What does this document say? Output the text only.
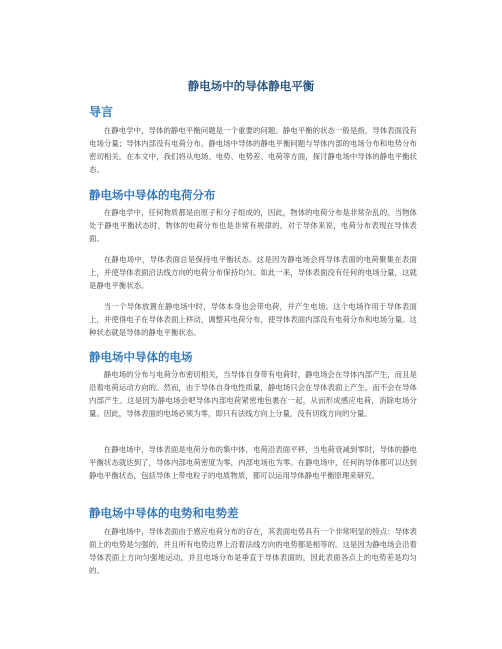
静电场中的导体静电平衡
导言
在静电学中，导体的静电平衡问题是一个重要的问题。静电平衡的状态一般是指，导体表面没有电场分量；导体内部没有电荷分布。静电场中导体的静电平衡问题与导体内部的电场分布和电势分布密切相关。在本文中，我们将从电场、电势、电势差、电荷等方面，探讨静电场中导体的静电平衡状态。
静电场中导体的电荷分布
在静电学中，任何物质都是由原子和分子组成的，因此，物体的电荷分布是非常杂乱的。当物体处于静电平衡状态时，物体的电荷分布也是非常有规律的。对于导体来说，电荷分布表现在导体表面。
在静电场中，导体表面总是保持电平衡状态。这是因为静电场会将导体表面的电荷聚集在表面上，并使导体表面沿法线方向的电荷分布保持均匀。如此一来，导体表面没有任何的电场分量，这就是静电平衡状态。
当一个导体放置在静电场中时，导体本身也会带电荷，并产生电场。这个电场作用于导体表面上，并使得电子在导体表面上移动，调整其电荷分布，使导体表面内部没有电荷分布和电场分量。这种状态就是导体的静电平衡状态。
静电场中导体的电场
静电场的分布与电荷分布密切相关，当导体自身带有电荷时，静电场会在导体内部产生，而且是沿着电荷运动方向的。然而，由于导体自身电性质量，静电场只会在导体表面上产生，而不会在导体内部产生。这是因为静电场会吧导体内部电荷紧密地包裹在一起，从而形成感应电荷，消除电场分量。因此，导体表面的电场必须为零，即只有法线方向上分量，没有切线方向的分量。
在静电场中，导体表面是电荷分布的集中体，电荷沿表面平移，当电荷衰减到零时，导体的静电平衡状态就达到了，导体内部电荷密度为零，内部电场也为零。在静电场中，任何的导体都可以达到静电平衡状态，包括导体上带电粒子的电质物质，都可以运用导体静电平衡原理来研究。
静电场中导体的电势和电势差
在静电场中，导体表面由于感应电荷分布的存在，其表面电势具有一个非常明显的特点：导体表面上的电势是匀强的，并且所有电势边界上沿着法线方向的电势都是相等的。这是因为静电场会沿着导体表面上方向匀强地运动，并且电场分布是垂直于导体表面的，因此表面各点上的电势差是均匀的。
